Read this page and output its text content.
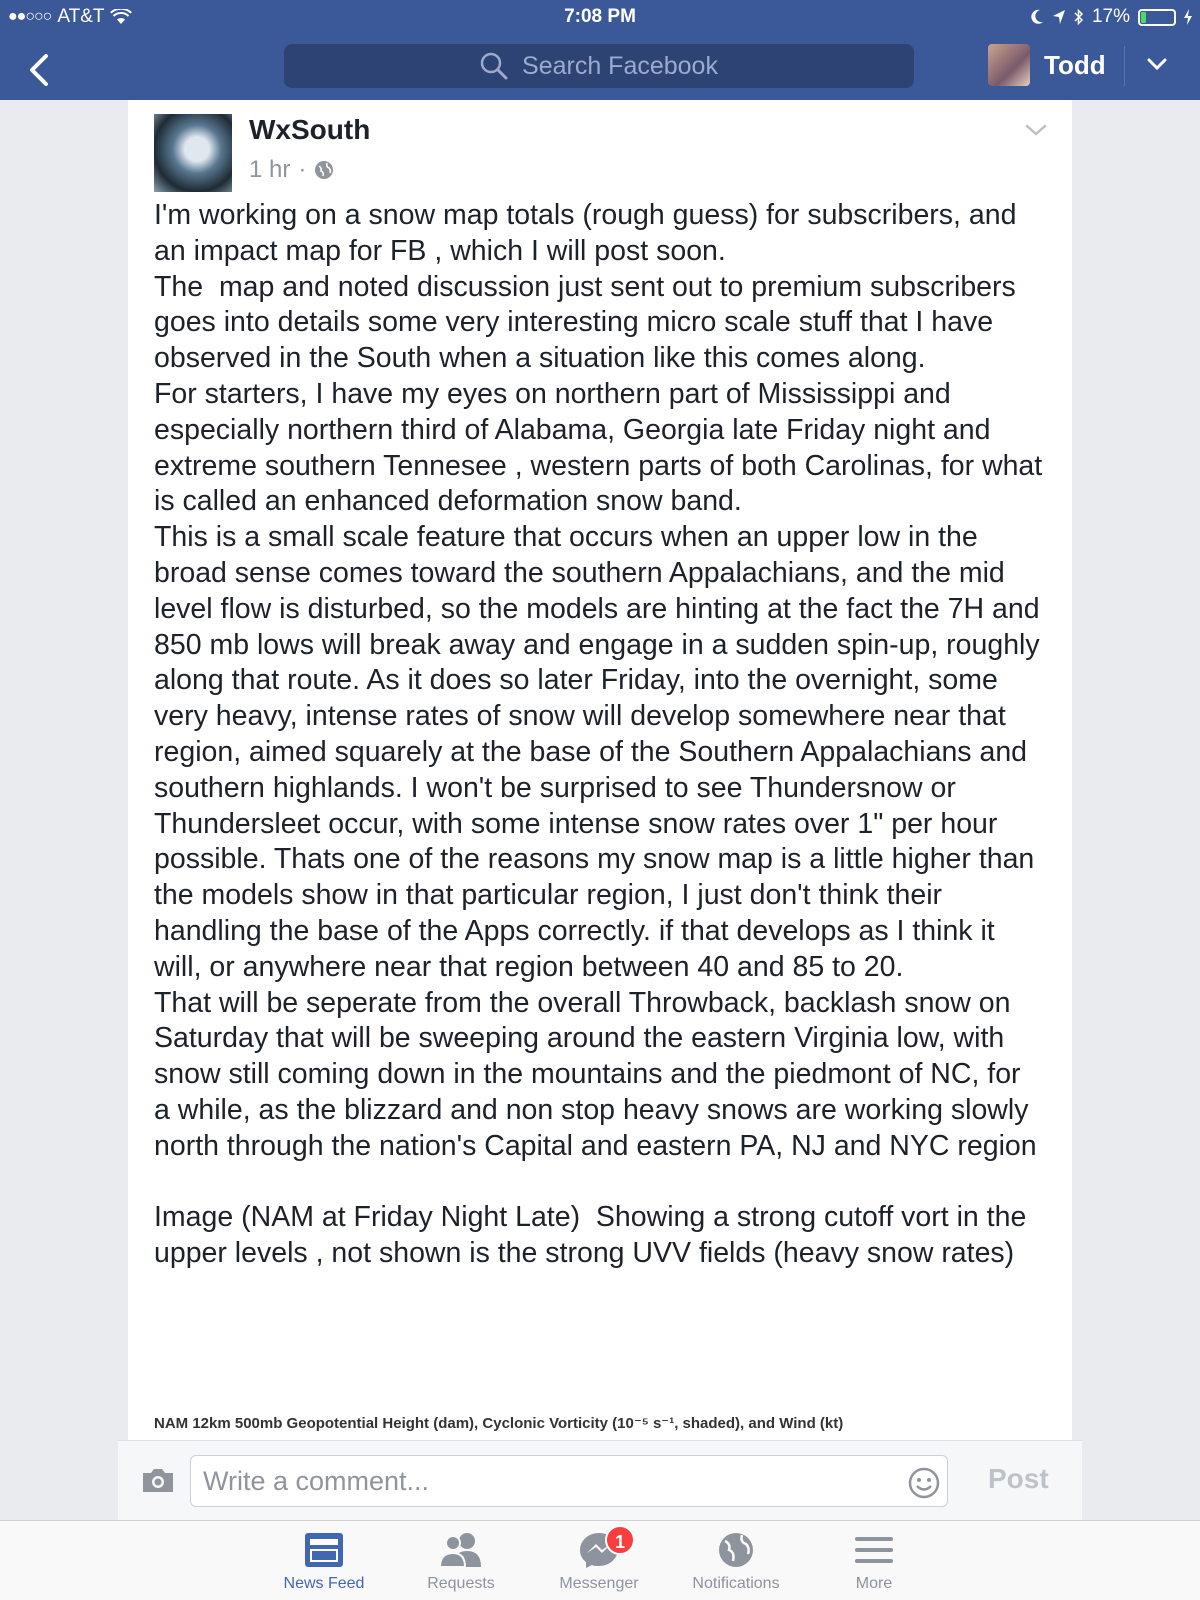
●●○○○ AT&T	7:08 PM	17%
Search Facebook	Todd
WxSouth
1 hr ·
I'm working on a snow map totals (rough guess) for subscribers, and an impact map for FB , which I will post soon.
The  map and noted discussion just sent out to premium subscribers goes into details some very interesting micro scale stuff that I have observed in the South when a situation like this comes along.
For starters, I have my eyes on northern part of Mississippi and especially northern third of Alabama, Georgia late Friday night and extreme southern Tennesee , western parts of both Carolinas, for what is called an enhanced deformation snow band.
This is a small scale feature that occurs when an upper low in the broad sense comes toward the southern Appalachians, and the mid level flow is disturbed, so the models are hinting at the fact the 7H and 850 mb lows will break away and engage in a sudden spin-up, roughly along that route. As it does so later Friday, into the overnight, some very heavy, intense rates of snow will develop somewhere near that region, aimed squarely at the base of the Southern Appalachians and southern highlands. I won't be surprised to see Thundersnow or Thundersleet occur, with some intense snow rates over 1" per hour possible. Thats one of the reasons my snow map is a little higher than the models show in that particular region, I just don't think their handling the base of the Apps correctly. if that develops as I think it will, or anywhere near that region between 40 and 85 to 20.
That will be seperate from the overall Throwback, backlash snow on Saturday that will be sweeping around the eastern Virginia low, with snow still coming down in the mountains and the piedmont of NC, for a while, as the blizzard and non stop heavy snows are working slowly north through the nation's Capital and eastern PA, NJ and NYC region

Image (NAM at Friday Night Late)  Showing a strong cutoff vort in the upper levels , not shown is the strong UVV fields (heavy snow rates)
NAM 12km 500mb Geopotential Height (dam), Cyclonic Vorticity (10⁻⁵ s⁻¹, shaded), and Wind (kt)
Write a comment...	Post
News Feed	Requests	Messenger
1
Notifications	More
